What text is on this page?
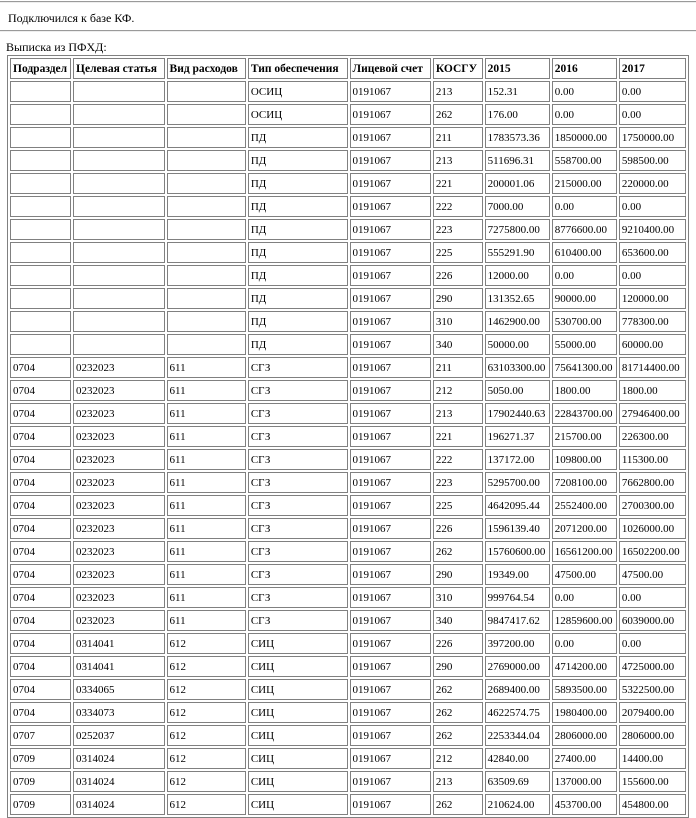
Подключился к базе КФ.
Выписка из ПФХД:
Подраздел	Целевая статья	Вид расходов	Тип обеспечения	Лицевой счет	КОСГУ	2015	2016	2017
			ОСИЦ	0191067	213	152.31	0.00	0.00
			ОСИЦ	0191067	262	176.00	0.00	0.00
			ПД	0191067	211	1783573.36	1850000.00	1750000.00
			ПД	0191067	213	511696.31	558700.00	598500.00
			ПД	0191067	221	200001.06	215000.00	220000.00
			ПД	0191067	222	7000.00	0.00	0.00
			ПД	0191067	223	7275800.00	8776600.00	9210400.00
			ПД	0191067	225	555291.90	610400.00	653600.00
			ПД	0191067	226	12000.00	0.00	0.00
			ПД	0191067	290	131352.65	90000.00	120000.00
			ПД	0191067	310	1462900.00	530700.00	778300.00
			ПД	0191067	340	50000.00	55000.00	60000.00
0704	0232023	611	СГЗ	0191067	211	63103300.00	75641300.00	81714400.00
0704	0232023	611	СГЗ	0191067	212	5050.00	1800.00	1800.00
0704	0232023	611	СГЗ	0191067	213	17902440.63	22843700.00	27946400.00
0704	0232023	611	СГЗ	0191067	221	196271.37	215700.00	226300.00
0704	0232023	611	СГЗ	0191067	222	137172.00	109800.00	115300.00
0704	0232023	611	СГЗ	0191067	223	5295700.00	7208100.00	7662800.00
0704	0232023	611	СГЗ	0191067	225	4642095.44	2552400.00	2700300.00
0704	0232023	611	СГЗ	0191067	226	1596139.40	2071200.00	1026000.00
0704	0232023	611	СГЗ	0191067	262	15760600.00	16561200.00	16502200.00
0704	0232023	611	СГЗ	0191067	290	19349.00	47500.00	47500.00
0704	0232023	611	СГЗ	0191067	310	999764.54	0.00	0.00
0704	0232023	611	СГЗ	0191067	340	9847417.62	12859600.00	6039000.00
0704	0314041	612	СИЦ	0191067	226	397200.00	0.00	0.00
0704	0314041	612	СИЦ	0191067	290	2769000.00	4714200.00	4725000.00
0704	0334065	612	СИЦ	0191067	262	2689400.00	5893500.00	5322500.00
0704	0334073	612	СИЦ	0191067	262	4622574.75	1980400.00	2079400.00
0707	0252037	612	СИЦ	0191067	262	2253344.04	2806000.00	2806000.00
0709	0314024	612	СИЦ	0191067	212	42840.00	27400.00	14400.00
0709	0314024	612	СИЦ	0191067	213	63509.69	137000.00	155600.00
0709	0314024	612	СИЦ	0191067	262	210624.00	453700.00	454800.00
